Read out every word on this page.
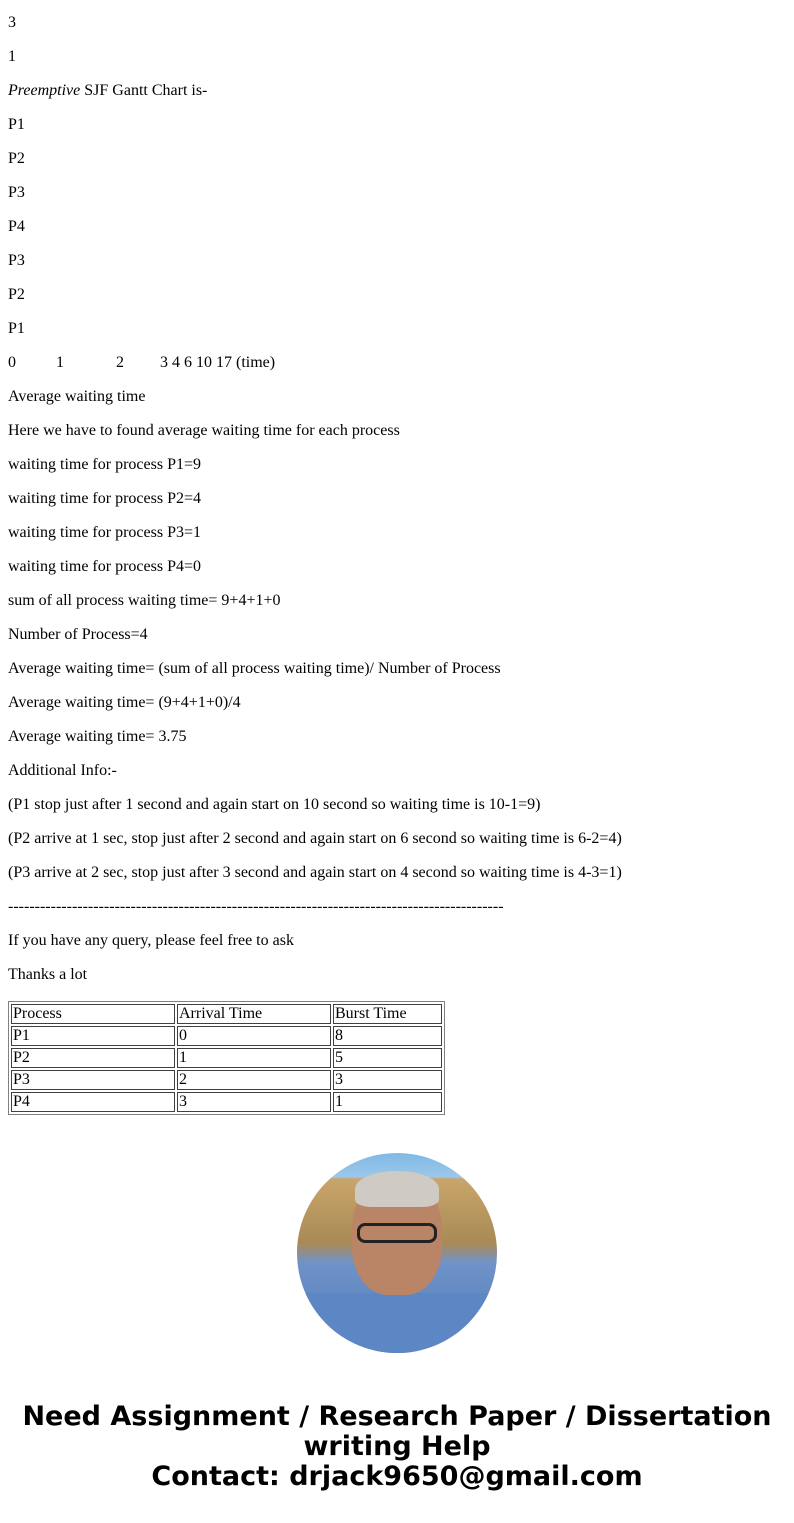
3

1

Preemptive SJF Gantt Chart is-

P1

P2

P3

P4

P3

P2

P1

0          1             2         3 4 6 10 17 (time)

Average waiting time

Here we have to found average waiting time for each process

waiting time for process P1=9

waiting time for process P2=4

waiting time for process P3=1

waiting time for process P4=0

sum of all process waiting time= 9+4+1+0

Number of Process=4

Average waiting time= (sum of all process waiting time)/ Number of Process

Average waiting time= (9+4+1+0)/4

Average waiting time= 3.75

Additional Info:-

(P1 stop just after 1 second and again start on 10 second so waiting time is 10-1=9)

(P2 arrive at 1 sec, stop just after 2 second and again start on 6 second so waiting time is 6-2=4)

(P3 arrive at 2 sec, stop just after 3 second and again start on 4 second so waiting time is 4-3=1)

---------------------------------------------------------------------------------------------

If you have any query, please feel free to ask

Thanks a lot

Process	Arrival Time	Burst Time
P1	0	8
P2	1	5
P3	2	3
P4	3	1
Need Assignment / Research Paper / Dissertation
writing Help
Contact: drjack9650@gmail.com
